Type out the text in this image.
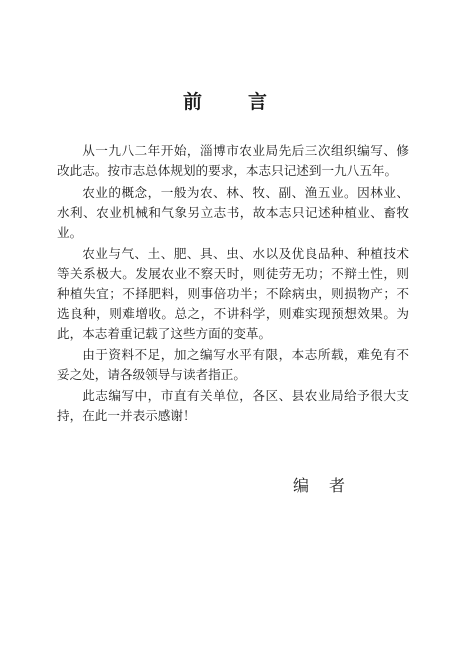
前言

从一九八二年开始，淄博市农业局先后三次组织编写、修改此志。按市志总体规划的要求，本志只记述到一九八五年。

农业的概念，一般为农、林、牧、副、渔五业。因林业、水利、农业机械和气象另立志书，故本志只记述种植业、畜牧业。

农业与气、土、肥、具、虫、水以及优良品种、种植技术等关系极大。发展农业不察天时，则徒劳无功；不辩土性，则种植失宜；不择肥料，则事倍功半；不除病虫，则损物产；不选良种，则难增收。总之，不讲科学，则难实现预想效果。为此，本志着重记载了这些方面的变革。

由于资料不足，加之编写水平有限，本志所载，难免有不妥之处，请各级领导与读者指正。

此志编写中，市直有关单位，各区、县农业局给予很大支持，在此一并表示感谢！

编者
